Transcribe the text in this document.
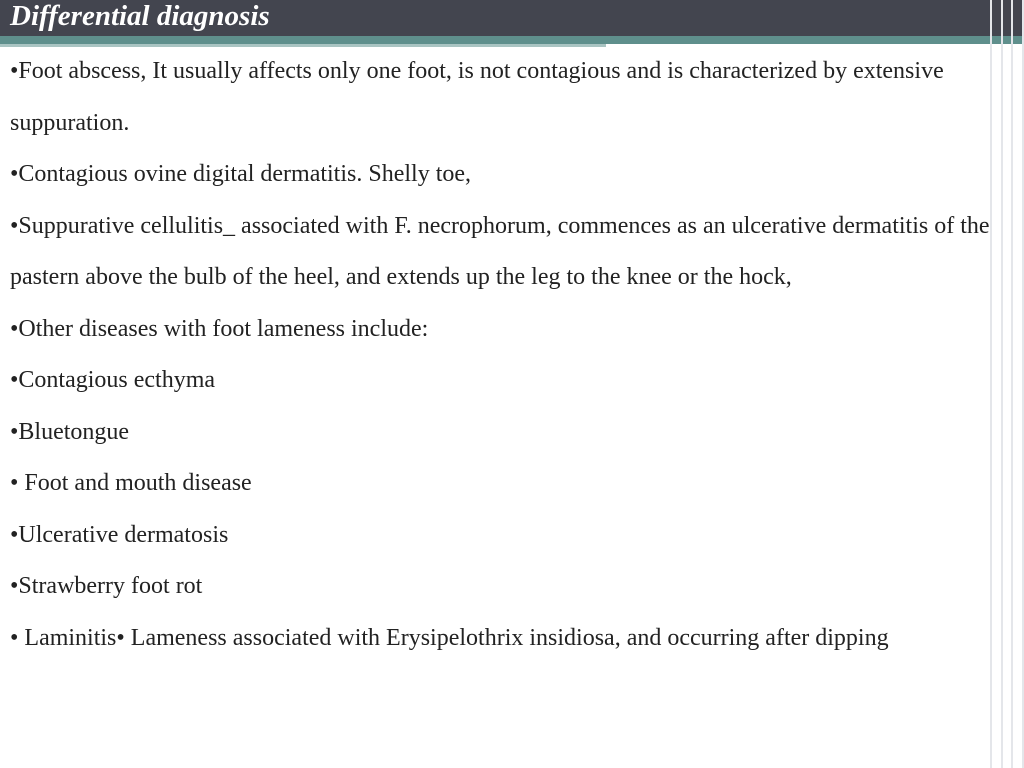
Differential diagnosis

•Foot abscess, It usually affects only one foot, is not contagious and is characterized by extensive suppuration.

•Contagious ovine digital dermatitis. Shelly toe,

•Suppurative cellulitis_ associated with F. necrophorum, commences as an ulcerative dermatitis of the pastern above the bulb of the heel, and extends up the leg to the knee or the hock,

•Other diseases with foot lameness include:

•Contagious ecthyma

•Bluetongue

• Foot and mouth disease

•Ulcerative dermatosis

•Strawberry foot rot

• Laminitis• Lameness associated with Erysipelothrix insidiosa, and occurring after dipping
